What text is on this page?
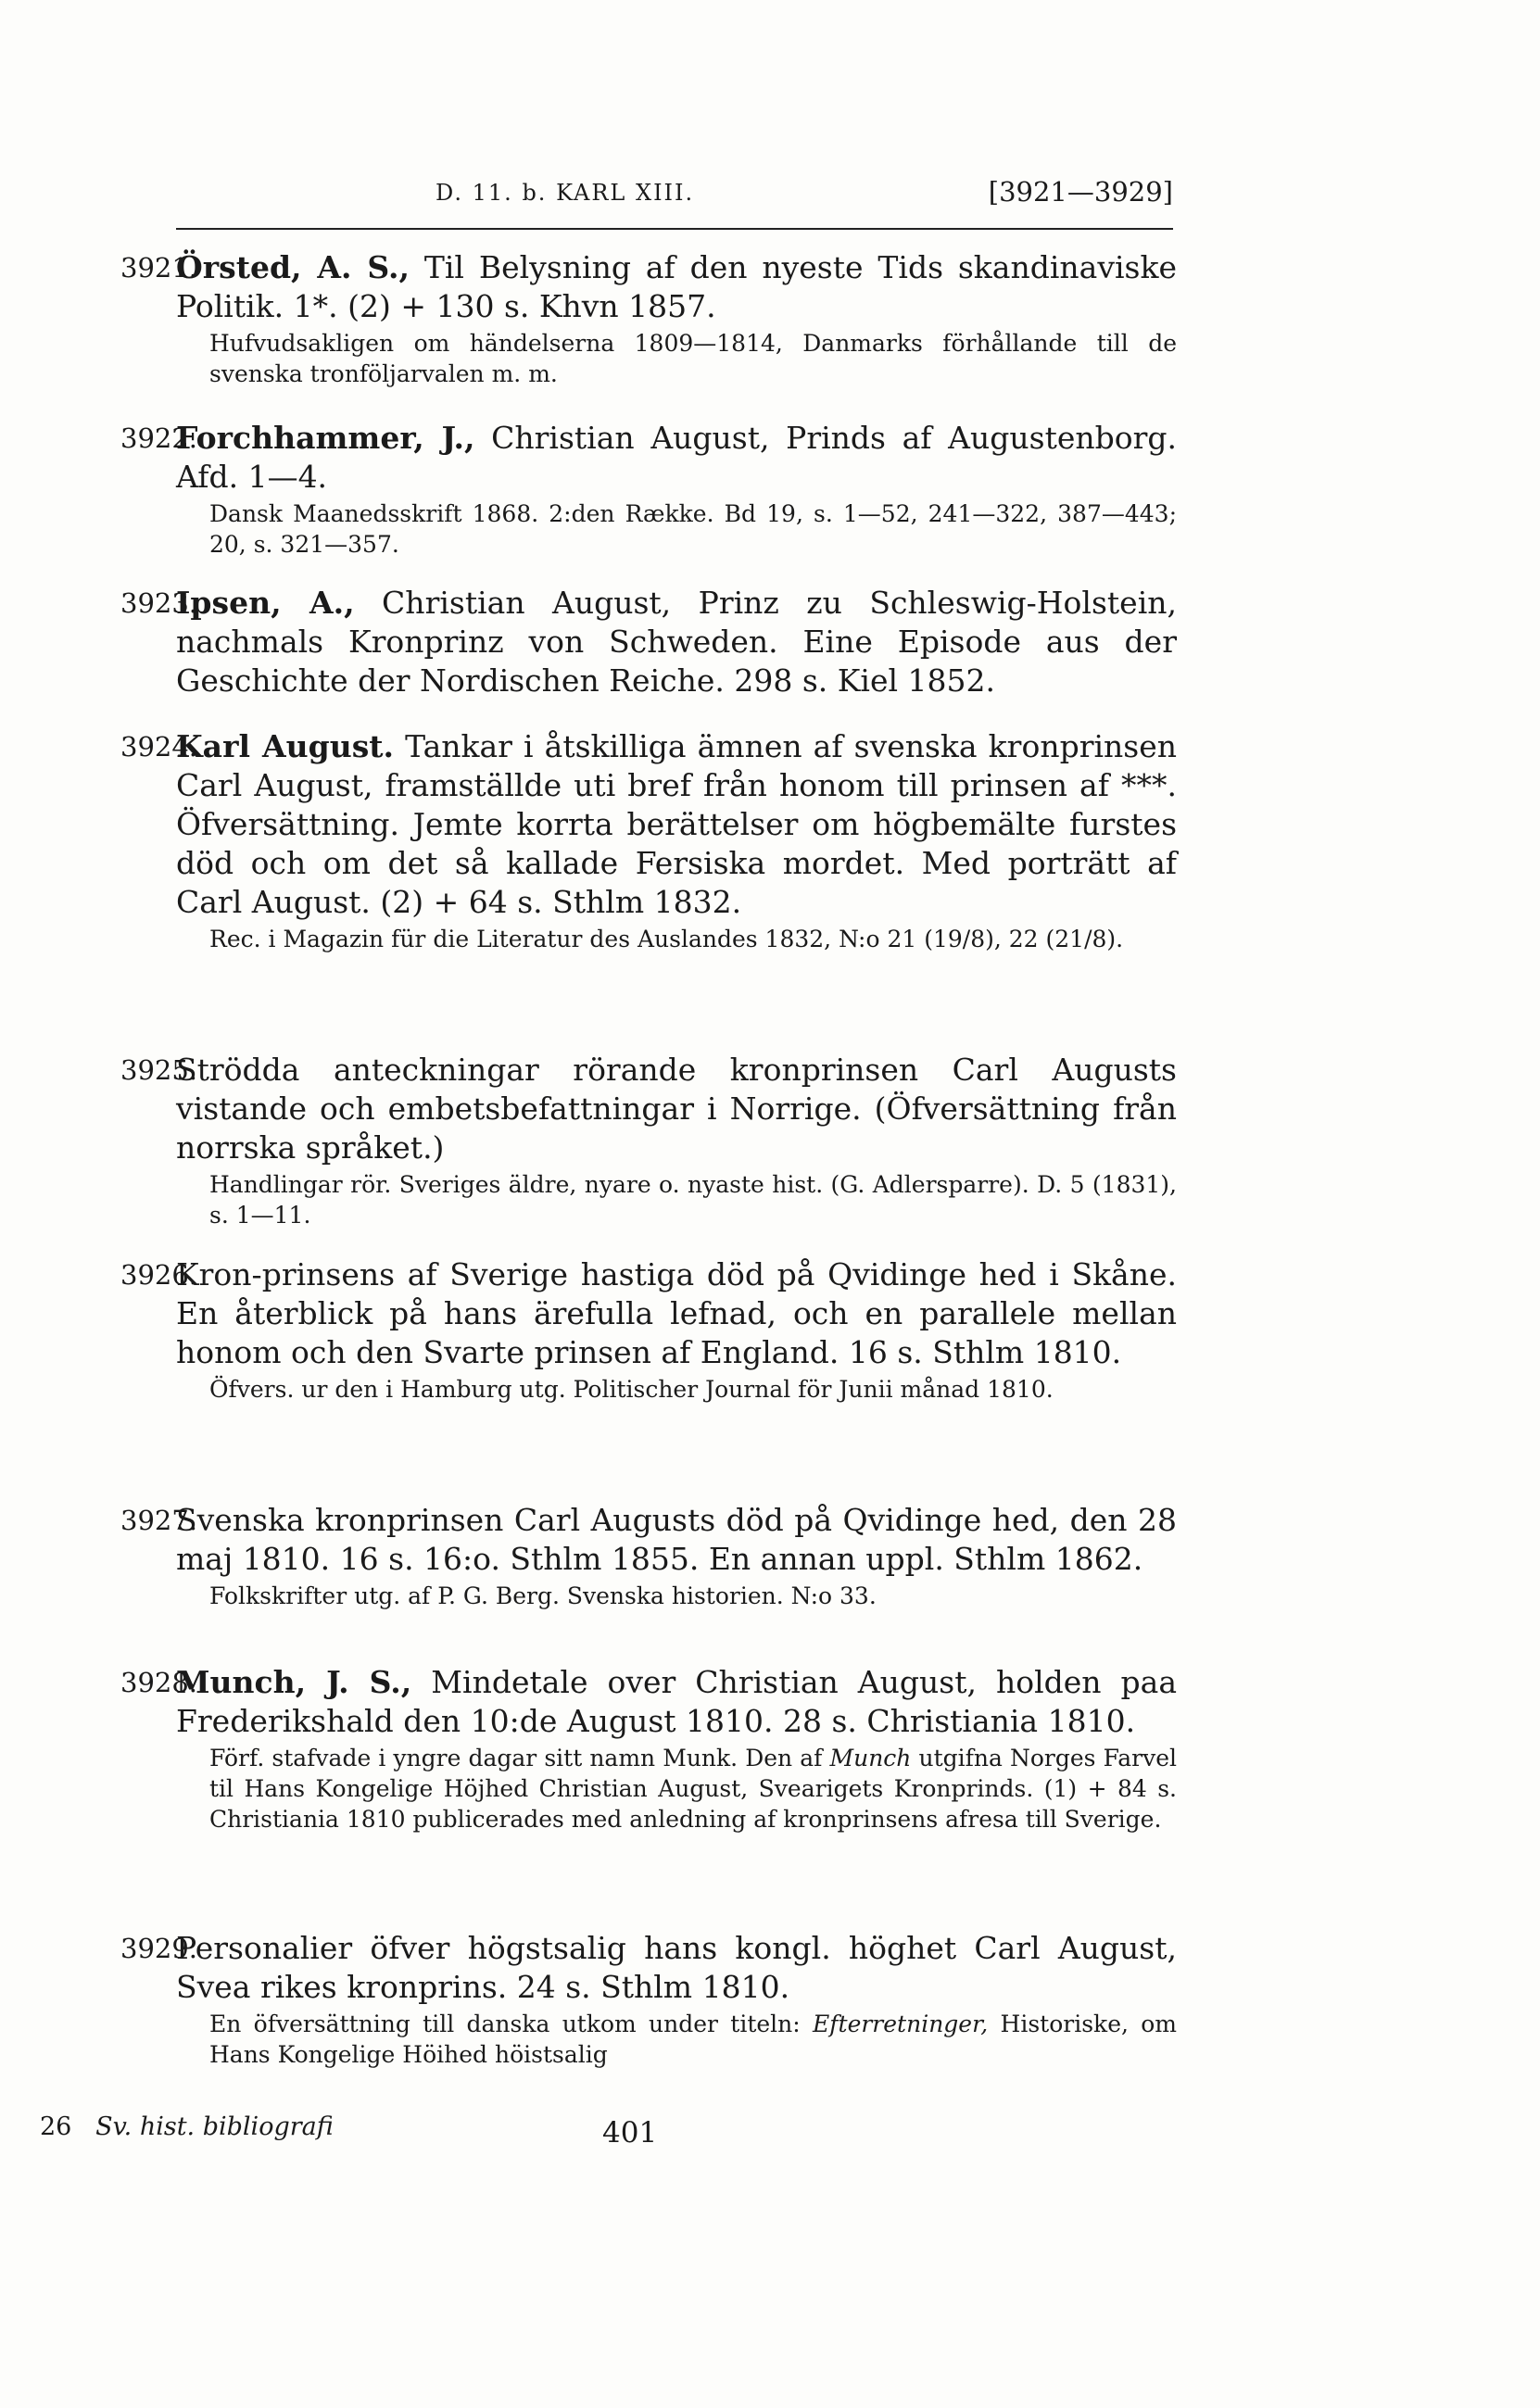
D. 11. b. KARL XIII.	[3921—3929]
3921.

Örsted, A. S., Til Belysning af den nyeste Tids skandinaviske Politik. 1*. (2) + 130 s. Khvn 1857.

Hufvudsakligen om händelserna 1809—1814, Danmarks förhållande till de svenska tronföljarvalen m. m.

3922.

Forchhammer, J., Christian August, Prinds af Augustenborg. Afd. 1—4.

Dansk Maanedsskrift 1868. 2:den Række. Bd 19, s. 1—52, 241—322, 387—443; 20, s. 321—357.

3923.

Ipsen, A., Christian August, Prinz zu Schleswig-Holstein, nachmals Kronprinz von Schweden. Eine Episode aus der Geschichte der Nordischen Reiche. 298 s. Kiel 1852.

3924.

Karl August. Tankar i åtskilliga ämnen af svenska kronprinsen Carl August, framställde uti bref från honom till prinsen af ***. Öfversättning. Jemte korrta berättelser om högbemälte furstes död och om det så kallade Fersiska mordet. Med porträtt af Carl August. (2) + 64 s. Sthlm 1832.

Rec. i Magazin für die Literatur des Auslandes 1832, N:o 21 (19/8), 22 (21/8).

3925.

Strödda anteckningar rörande kronprinsen Carl Augusts vistande och embetsbefattningar i Norrige. (Öfversättning från norrska språket.)

Handlingar rör. Sveriges äldre, nyare o. nyaste hist. (G. Adlersparre). D. 5 (1831), s. 1—11.

3926.

Kron-prinsens af Sverige hastiga död på Qvidinge hed i Skåne. En återblick på hans ärefulla lefnad, och en parallele mellan honom och den Svarte prinsen af England. 16 s. Sthlm 1810.

Öfvers. ur den i Hamburg utg. Politischer Journal för Junii månad 1810.

3927.

Svenska kronprinsen Carl Augusts död på Qvidinge hed, den 28 maj 1810. 16 s. 16:o. Sthlm 1855. En annan uppl. Sthlm 1862.

Folkskrifter utg. af P. G. Berg. Svenska historien. N:o 33.

3928.

Munch, J. S., Mindetale over Christian August, holden paa Frederikshald den 10:de August 1810. 28 s. Christiania 1810.

Förf. stafvade i yngre dagar sitt namn Munk. Den af Munch utgifna Norges Farvel til Hans Kongelige Höjhed Christian August, Svearigets Kronprinds. (1) + 84 s. Christiania 1810 publicerades med anledning af kronprinsens afresa till Sverige.

3929.

Personalier öfver högstsalig hans kongl. höghet Carl August, Svea rikes kronprins. 24 s. Sthlm 1810.

En öfversättning till danska utkom under titeln: Efterretninger, Historiske, om Hans Kongelige Höihed höistsalig

26 Sv. hist. bibliografi	401
